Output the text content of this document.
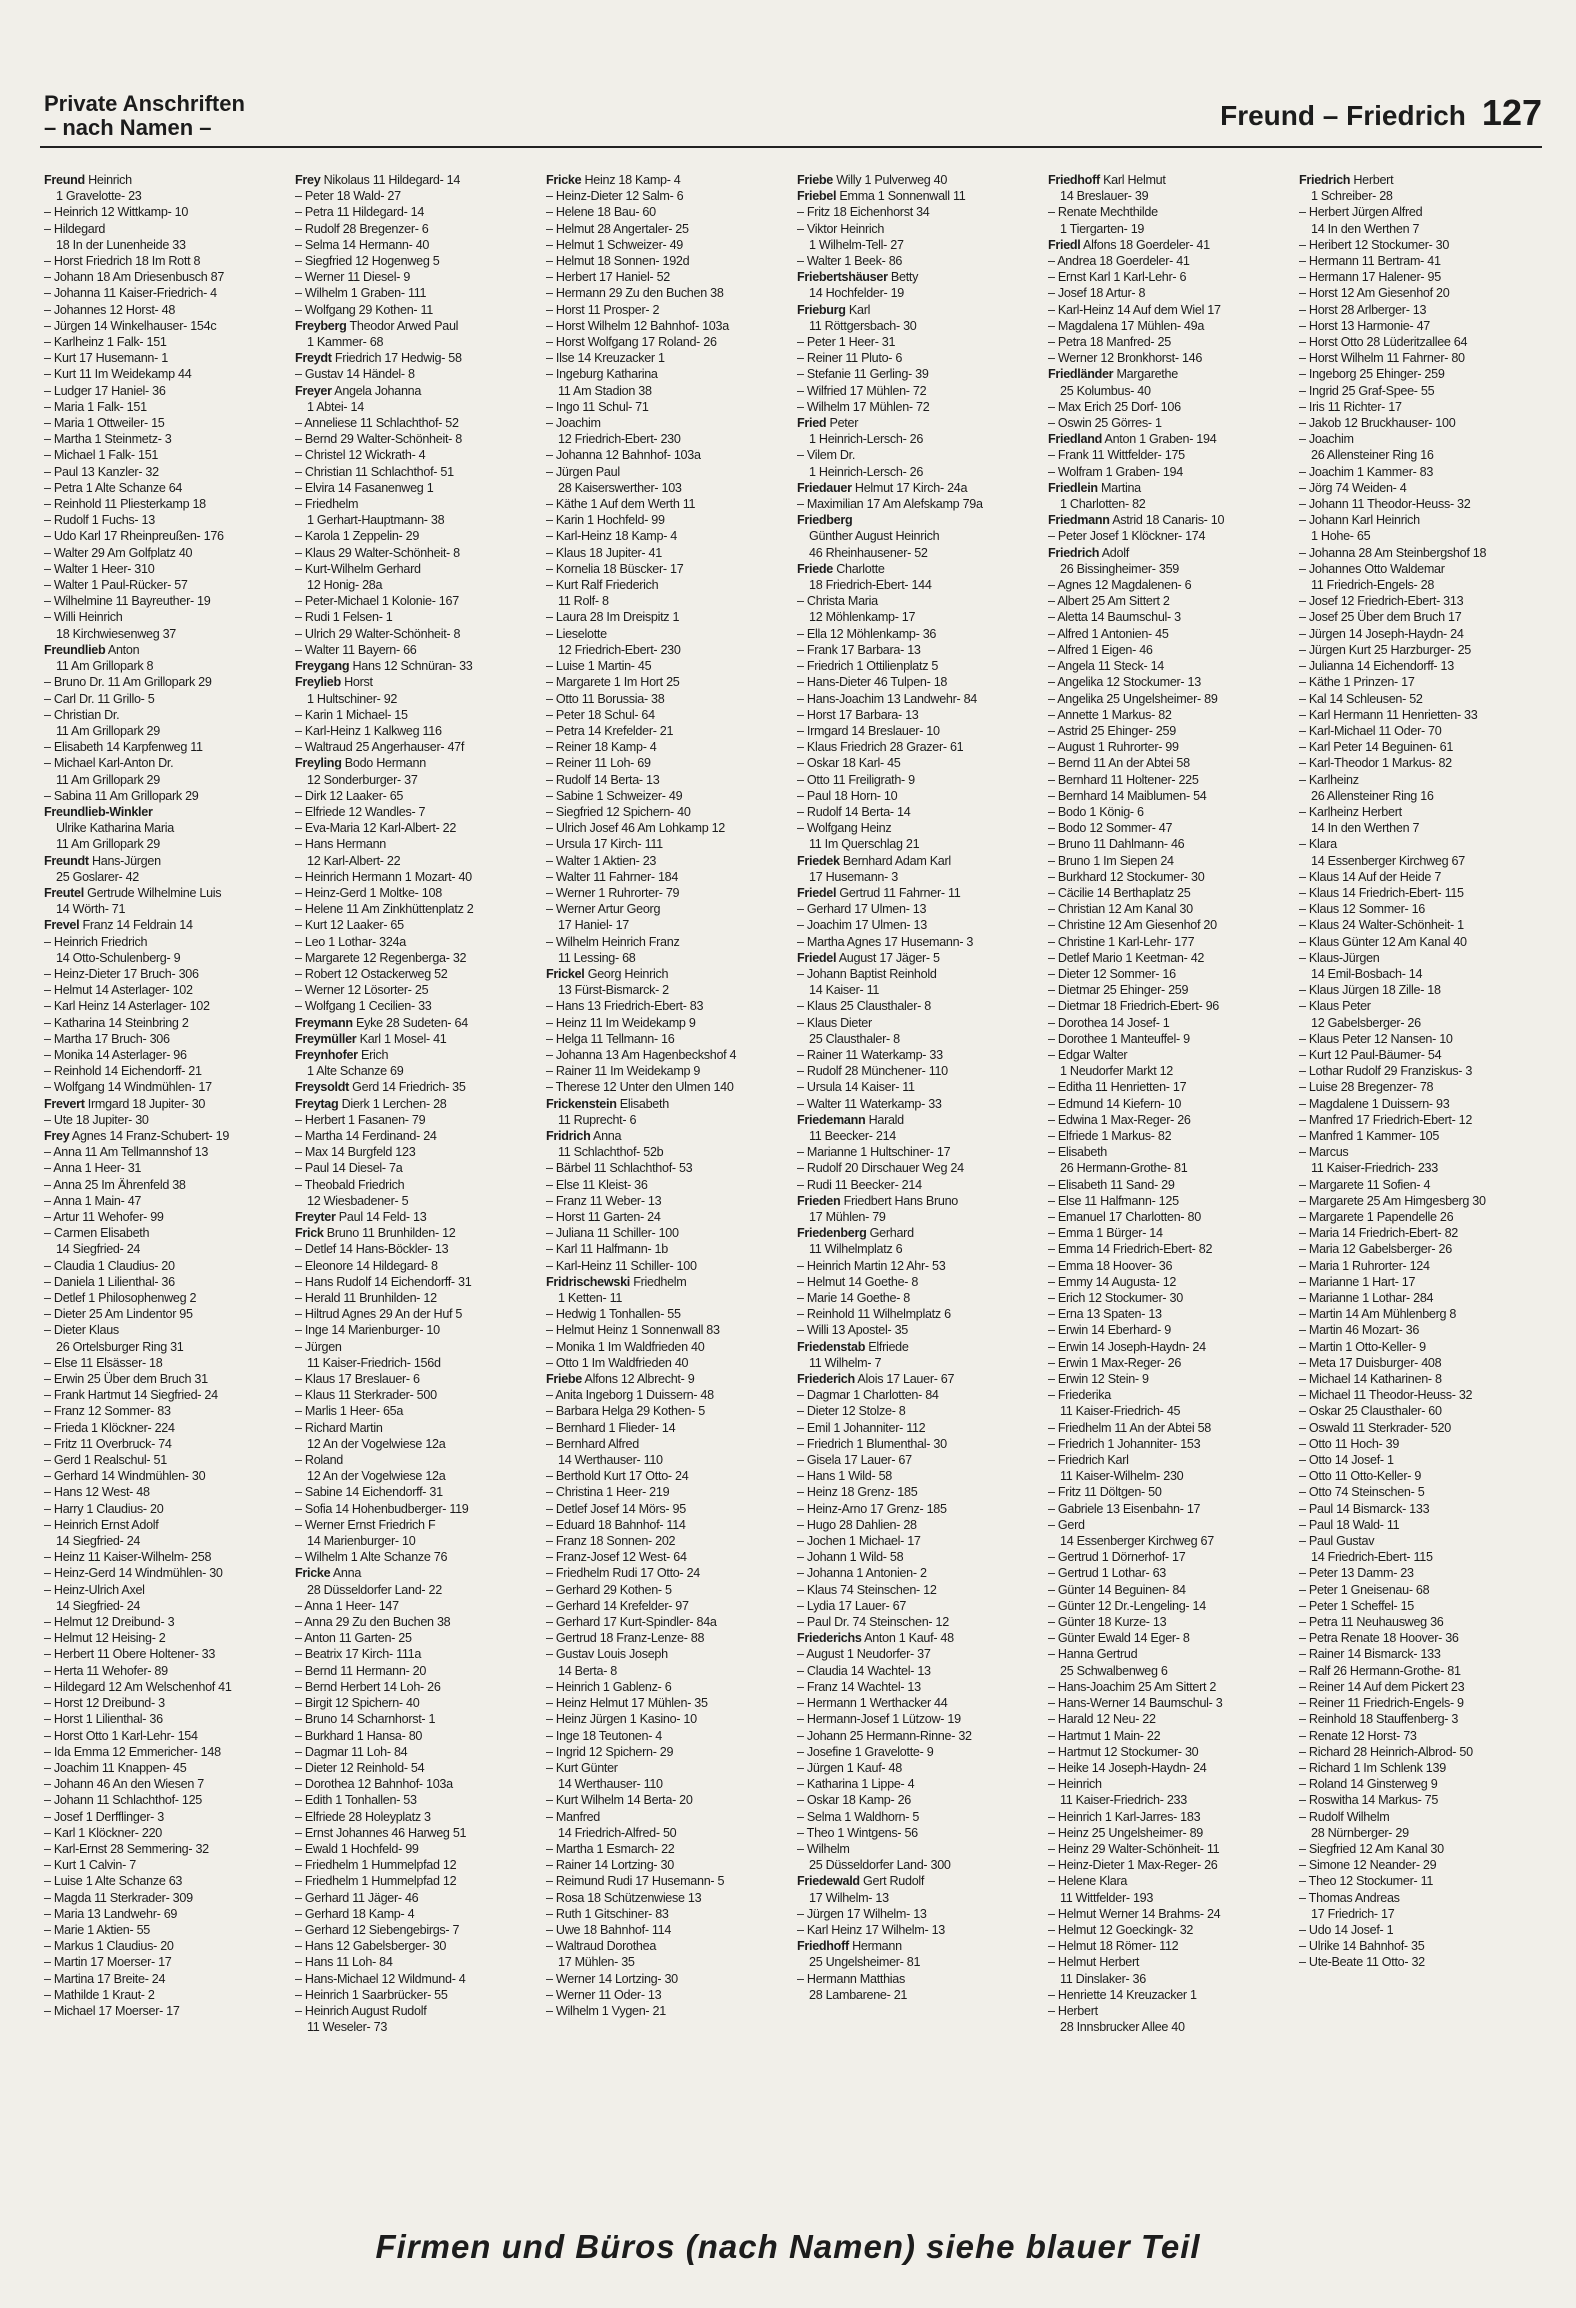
Private Anschriften
– nach Namen –	Freund – Friedrich 127
Freund Heinrich
1 Gravelotte- 23
– Heinrich 12 Wittkamp- 10
– Hildegard
18 In der Lunenheide 33
– Horst Friedrich 18 Im Rott 8
– Johann 18 Am Driesenbusch 87
– Johanna 11 Kaiser-Friedrich- 4
– Johannes 12 Horst- 48
– Jürgen 14 Winkelhauser- 154c
– Karlheinz 1 Falk- 151
– Kurt 17 Husemann- 1
– Kurt 11 Im Weidekamp 44
– Ludger 17 Haniel- 36
– Maria 1 Falk- 151
– Maria 1 Ottweiler- 15
– Martha 1 Steinmetz- 3
– Michael 1 Falk- 151
– Paul 13 Kanzler- 32
– Petra 1 Alte Schanze 64
– Reinhold 11 Pliesterkamp 18
– Rudolf 1 Fuchs- 13
– Udo Karl 17 Rheinpreußen- 176
– Walter 29 Am Golfplatz 40
– Walter 1 Heer- 310
– Walter 1 Paul-Rücker- 57
– Wilhelmine 11 Bayreuther- 19
– Willi Heinrich
18 Kirchwiesenweg 37
Freundlieb Anton
11 Am Grillopark 8
– Bruno Dr. 11 Am Grillopark 29
– Carl Dr. 11 Grillo- 5
– Christian Dr.
11 Am Grillopark 29
– Elisabeth 14 Karpfenweg 11
– Michael Karl-Anton Dr.
11 Am Grillopark 29
– Sabina 11 Am Grillopark 29
Freundlieb-Winkler
Ulrike Katharina Maria
11 Am Grillopark 29
Freundt Hans-Jürgen
25 Goslarer- 42
Freutel Gertrude Wilhelmine Luis
14 Wörth- 71
Frevel Franz 14 Feldrain 14
– Heinrich Friedrich
14 Otto-Schulenberg- 9
– Heinz-Dieter 17 Bruch- 306
– Helmut 14 Asterlager- 102
– Karl Heinz 14 Asterlager- 102
– Katharina 14 Steinbring 2
– Martha 17 Bruch- 306
– Monika 14 Asterlager- 96
– Reinhold 14 Eichendorff- 21
– Wolfgang 14 Windmühlen- 17
Frevert Irmgard 18 Jupiter- 30
– Ute 18 Jupiter- 30
Frey Agnes 14 Franz-Schubert- 19
– Anna 11 Am Tellmannshof 13
– Anna 1 Heer- 31
– Anna 25 Im Ährenfeld 38
– Anna 1 Main- 47
– Artur 11 Wehofer- 99
– Carmen Elisabeth
14 Siegfried- 24
– Claudia 1 Claudius- 20
– Daniela 1 Lilienthal- 36
– Detlef 1 Philosophenweg 2
– Dieter 25 Am Lindentor 95
– Dieter Klaus
26 Ortelsburger Ring 31
– Else 11 Elsässer- 18
– Erwin 25 Über dem Bruch 31
– Frank Hartmut 14 Siegfried- 24
– Franz 12 Sommer- 83
– Frieda 1 Klöckner- 224
– Fritz 11 Overbruck- 74
– Gerd 1 Realschul- 51
– Gerhard 14 Windmühlen- 30
– Hans 12 West- 48
– Harry 1 Claudius- 20
– Heinrich Ernst Adolf
14 Siegfried- 24
– Heinz 11 Kaiser-Wilhelm- 258
– Heinz-Gerd 14 Windmühlen- 30
– Heinz-Ulrich Axel
14 Siegfried- 24
– Helmut 12 Dreibund- 3
– Helmut 12 Heising- 2
– Herbert 11 Obere Holtener- 33
– Herta 11 Wehofer- 89
– Hildegard 12 Am Welschenhof 41
– Horst 12 Dreibund- 3
– Horst 1 Lilienthal- 36
– Horst Otto 1 Karl-Lehr- 154
– Ida Emma 12 Emmericher- 148
– Joachim 11 Knappen- 45
– Johann 46 An den Wiesen 7
– Johann 11 Schlachthof- 125
– Josef 1 Derfflinger- 3
– Karl 1 Klöckner- 220
– Karl-Ernst 28 Semmering- 32
– Kurt 1 Calvin- 7
– Luise 1 Alte Schanze 63
– Magda 11 Sterkrader- 309
– Maria 13 Landwehr- 69
– Marie 1 Aktien- 55
– Markus 1 Claudius- 20
– Martin 17 Moerser- 17
– Martina 17 Breite- 24
– Mathilde 1 Kraut- 2
– Michael 17 Moerser- 17
Frey Nikolaus 11 Hildegard- 14
– Peter 18 Wald- 27
– Petra 11 Hildegard- 14
– Rudolf 28 Bregenzer- 6
– Selma 14 Hermann- 40
– Siegfried 12 Hogenweg 5
– Werner 11 Diesel- 9
– Wilhelm 1 Graben- 111
– Wolfgang 29 Kothen- 11
Freyberg Theodor Arwed Paul
1 Kammer- 68
Freydt Friedrich 17 Hedwig- 58
– Gustav 14 Händel- 8
Freyer Angela Johanna
1 Abtei- 14
– Anneliese 11 Schlachthof- 52
– Bernd 29 Walter-Schönheit- 8
– Christel 12 Wickrath- 4
– Christian 11 Schlachthof- 51
– Elvira 14 Fasanenweg 1
– Friedhelm
1 Gerhart-Hauptmann- 38
– Karola 1 Zeppelin- 29
– Klaus 29 Walter-Schönheit- 8
– Kurt-Wilhelm Gerhard
12 Honig- 28a
– Peter-Michael 1 Kolonie- 167
– Rudi 1 Felsen- 1
– Ulrich 29 Walter-Schönheit- 8
– Walter 11 Bayern- 66
Freygang Hans 12 Schnüran- 33
Freylieb Horst
1 Hultschiner- 92
– Karin 1 Michael- 15
– Karl-Heinz 1 Kalkweg 116
– Waltraud 25 Angerhauser- 47f
Freyling Bodo Hermann
12 Sonderburger- 37
– Dirk 12 Laaker- 65
– Elfriede 12 Wandles- 7
– Eva-Maria 12 Karl-Albert- 22
– Hans Hermann
12 Karl-Albert- 22
– Heinrich Hermann 1 Mozart- 40
– Heinz-Gerd 1 Moltke- 108
– Helene 11 Am Zinkhüttenplatz 2
– Kurt 12 Laaker- 65
– Leo 1 Lothar- 324a
– Margarete 12 Regenberga- 32
– Robert 12 Ostackerweg 52
– Werner 12 Lösorter- 25
– Wolfgang 1 Cecilien- 33
Freymann Eyke 28 Sudeten- 64
Freymüller Karl 1 Mosel- 41
Freynhofer Erich
1 Alte Schanze 69
Freysoldt Gerd 14 Friedrich- 35
Freytag Dierk 1 Lerchen- 28
– Herbert 1 Fasanen- 79
– Martha 14 Ferdinand- 24
– Max 14 Burgfeld 123
– Paul 14 Diesel- 7a
– Theobald Friedrich
12 Wiesbadener- 5
Freyter Paul 14 Feld- 13
Frick Bruno 11 Brunhilden- 12
– Detlef 14 Hans-Böckler- 13
– Eleonore 14 Hildegard- 8
– Hans Rudolf 14 Eichendorff- 31
– Herald 11 Brunhilden- 12
– Hiltrud Agnes 29 An der Huf 5
– Inge 14 Marienburger- 10
– Jürgen
11 Kaiser-Friedrich- 156d
– Klaus 17 Breslauer- 6
– Klaus 11 Sterkrader- 500
– Marlis 1 Heer- 65a
– Richard Martin
12 An der Vogelwiese 12a
– Roland
12 An der Vogelwiese 12a
– Sabine 14 Eichendorff- 31
– Sofia 14 Hohenbudberger- 119
– Werner Ernst Friedrich F
14 Marienburger- 10
– Wilhelm 1 Alte Schanze 76
Fricke Anna
28 Düsseldorfer Land- 22
– Anna 1 Heer- 147
– Anna 29 Zu den Buchen 38
– Anton 11 Garten- 25
– Beatrix 17 Kirch- 111a
– Bernd 11 Hermann- 20
– Bernd Herbert 14 Loh- 26
– Birgit 12 Spichern- 40
– Bruno 14 Scharnhorst- 1
– Burkhard 1 Hansa- 80
– Dagmar 11 Loh- 84
– Dieter 12 Reinhold- 54
– Dorothea 12 Bahnhof- 103a
– Edith 1 Tonhallen- 53
– Elfriede 28 Holeyplatz 3
– Ernst Johannes 46 Harweg 51
– Ewald 1 Hochfeld- 99
– Friedhelm 1 Hummelpfad 12
– Friedhelm 1 Hummelpfad 12
– Gerhard 11 Jäger- 46
– Gerhard 18 Kamp- 4
– Gerhard 12 Siebengebirgs- 7
– Hans 12 Gabelsberger- 30
– Hans 11 Loh- 84
– Hans-Michael 12 Wildmund- 4
– Heinrich 1 Saarbrücker- 55
– Heinrich August Rudolf
11 Weseler- 73
Fricke Heinz 18 Kamp- 4
– Heinz-Dieter 12 Salm- 6
– Helene 18 Bau- 60
– Helmut 28 Angertaler- 25
– Helmut 1 Schweizer- 49
– Helmut 18 Sonnen- 192d
– Herbert 17 Haniel- 52
– Hermann 29 Zu den Buchen 38
– Horst 11 Prosper- 2
– Horst Wilhelm 12 Bahnhof- 103a
– Horst Wolfgang 17 Roland- 26
– Ilse 14 Kreuzacker 1
– Ingeburg Katharina
11 Am Stadion 38
– Ingo 11 Schul- 71
– Joachim
12 Friedrich-Ebert- 230
– Johanna 12 Bahnhof- 103a
– Jürgen Paul
28 Kaiserswerther- 103
– Käthe 1 Auf dem Werth 11
– Karin 1 Hochfeld- 99
– Karl-Heinz 18 Kamp- 4
– Klaus 18 Jupiter- 41
– Kornelia 18 Büscker- 17
– Kurt Ralf Friederich
11 Rolf- 8
– Laura 28 Im Dreispitz 1
– Lieselotte
12 Friedrich-Ebert- 230
– Luise 1 Martin- 45
– Margarete 1 Im Hort 25
– Otto 11 Borussia- 38
– Peter 18 Schul- 64
– Petra 14 Krefelder- 21
– Reiner 18 Kamp- 4
– Reiner 11 Loh- 69
– Rudolf 14 Berta- 13
– Sabine 1 Schweizer- 49
– Siegfried 12 Spichern- 40
– Ulrich Josef 46 Am Lohkamp 12
– Ursula 17 Kirch- 111
– Walter 1 Aktien- 23
– Walter 11 Fahrner- 184
– Werner 1 Ruhrorter- 79
– Werner Artur Georg
17 Haniel- 17
– Wilhelm Heinrich Franz
11 Lessing- 68
Frickel Georg Heinrich
13 Fürst-Bismarck- 2
– Hans 13 Friedrich-Ebert- 83
– Heinz 11 Im Weidekamp 9
– Helga 11 Tellmann- 16
– Johanna 13 Am Hagenbeckshof 4
– Rainer 11 Im Weidekamp 9
– Therese 12 Unter den Ulmen 140
Frickenstein Elisabeth
11 Ruprecht- 6
Fridrich Anna
11 Schlachthof- 52b
– Bärbel 11 Schlachthof- 53
– Else 11 Kleist- 36
– Franz 11 Weber- 13
– Horst 11 Garten- 24
– Juliana 11 Schiller- 100
– Karl 11 Halfmann- 1b
– Karl-Heinz 11 Schiller- 100
Fridrischewski Friedhelm
1 Ketten- 11
– Hedwig 1 Tonhallen- 55
– Helmut Heinz 1 Sonnenwall 83
– Monika 1 Im Waldfrieden 40
– Otto 1 Im Waldfrieden 40
Friebe Alfons 12 Albrecht- 9
– Anita Ingeborg 1 Duissern- 48
– Barbara Helga 29 Kothen- 5
– Bernhard 1 Flieder- 14
– Bernhard Alfred
14 Werthauser- 110
– Berthold Kurt 17 Otto- 24
– Christina 1 Heer- 219
– Detlef Josef 14 Mörs- 95
– Eduard 18 Bahnhof- 114
– Franz 18 Sonnen- 202
– Franz-Josef 12 West- 64
– Friedhelm Rudi 17 Otto- 24
– Gerhard 29 Kothen- 5
– Gerhard 14 Krefelder- 97
– Gerhard 17 Kurt-Spindler- 84a
– Gertrud 18 Franz-Lenze- 88
– Gustav Louis Joseph
14 Berta- 8
– Heinrich 1 Gablenz- 6
– Heinz Helmut 17 Mühlen- 35
– Heinz Jürgen 1 Kasino- 10
– Inge 18 Teutonen- 4
– Ingrid 12 Spichern- 29
– Kurt Günter
14 Werthauser- 110
– Kurt Wilhelm 14 Berta- 20
– Manfred
14 Friedrich-Alfred- 50
– Martha 1 Esmarch- 22
– Rainer 14 Lortzing- 30
– Reimund Rudi 17 Husemann- 5
– Rosa 18 Schützenwiese 13
– Ruth 1 Gitschiner- 83
– Uwe 18 Bahnhof- 114
– Waltraud Dorothea
17 Mühlen- 35
– Werner 14 Lortzing- 30
– Werner 11 Oder- 13
– Wilhelm 1 Vygen- 21
Friebe Willy 1 Pulverweg 40
Friebel Emma 1 Sonnenwall 11
– Fritz 18 Eichenhorst 34
– Viktor Heinrich
1 Wilhelm-Tell- 27
– Walter 1 Beek- 86
Friebertshäuser Betty
14 Hochfelder- 19
Frieburg Karl
11 Röttgersbach- 30
– Peter 1 Heer- 31
– Reiner 11 Pluto- 6
– Stefanie 11 Gerling- 39
– Wilfried 17 Mühlen- 72
– Wilhelm 17 Mühlen- 72
Fried Peter
1 Heinrich-Lersch- 26
– Vilem Dr.
1 Heinrich-Lersch- 26
Friedauer Helmut 17 Kirch- 24a
– Maximilian 17 Am Alefskamp 79a
Friedberg
Günther August Heinrich
46 Rheinhausener- 52
Friede Charlotte
18 Friedrich-Ebert- 144
– Christa Maria
12 Möhlenkamp- 17
– Ella 12 Möhlenkamp- 36
– Frank 17 Barbara- 13
– Friedrich 1 Ottilienplatz 5
– Hans-Dieter 46 Tulpen- 18
– Hans-Joachim 13 Landwehr- 84
– Horst 17 Barbara- 13
– Irmgard 14 Breslauer- 10
– Klaus Friedrich 28 Grazer- 61
– Oskar 18 Karl- 45
– Otto 11 Freiligrath- 9
– Paul 18 Horn- 10
– Rudolf 14 Berta- 14
– Wolfgang Heinz
11 Im Querschlag 21
Friedek Bernhard Adam Karl
17 Husemann- 3
Friedel Gertrud 11 Fahrner- 11
– Gerhard 17 Ulmen- 13
– Joachim 17 Ulmen- 13
– Martha Agnes 17 Husemann- 3
Friedel August 17 Jäger- 5
– Johann Baptist Reinhold
14 Kaiser- 11
– Klaus 25 Clausthaler- 8
– Klaus Dieter
25 Clausthaler- 8
– Rainer 11 Waterkamp- 33
– Rudolf 28 Münchener- 110
– Ursula 14 Kaiser- 11
– Walter 11 Waterkamp- 33
Friedemann Harald
11 Beecker- 214
– Marianne 1 Hultschiner- 17
– Rudolf 20 Dirschauer Weg 24
– Rudi 11 Beecker- 214
Frieden Friedbert Hans Bruno
17 Mühlen- 79
Friedenberg Gerhard
11 Wilhelmplatz 6
– Heinrich Martin 12 Ahr- 53
– Helmut 14 Goethe- 8
– Marie 14 Goethe- 8
– Reinhold 11 Wilhelmplatz 6
– Willi 13 Apostel- 35
Friedenstab Elfriede
11 Wilhelm- 7
Friederich Alois 17 Lauer- 67
– Dagmar 1 Charlotten- 84
– Dieter 12 Stolze- 8
– Emil 1 Johanniter- 112
– Friedrich 1 Blumenthal- 30
– Gisela 17 Lauer- 67
– Hans 1 Wild- 58
– Heinz 18 Grenz- 185
– Heinz-Arno 17 Grenz- 185
– Hugo 28 Dahlien- 28
– Jochen 1 Michael- 17
– Johann 1 Wild- 58
– Johanna 1 Antonien- 2
– Klaus 74 Steinschen- 12
– Lydia 17 Lauer- 67
– Paul Dr. 74 Steinschen- 12
Friederichs Anton 1 Kauf- 48
– August 1 Neudorfer- 37
– Claudia 14 Wachtel- 13
– Franz 14 Wachtel- 13
– Hermann 1 Werthacker 44
– Hermann-Josef 1 Lützow- 19
– Johann 25 Hermann-Rinne- 32
– Josefine 1 Gravelotte- 9
– Jürgen 1 Kauf- 48
– Katharina 1 Lippe- 4
– Oskar 18 Kamp- 26
– Selma 1 Waldhorn- 5
– Theo 1 Wintgens- 56
– Wilhelm
25 Düsseldorfer Land- 300
Friedewald Gert Rudolf
17 Wilhelm- 13
– Jürgen 17 Wilhelm- 13
– Karl Heinz 17 Wilhelm- 13
Friedhoff Hermann
25 Ungelsheimer- 81
– Hermann Matthias
28 Lambarene- 21
Friedhoff Karl Helmut
14 Breslauer- 39
– Renate Mechthilde
1 Tiergarten- 19
Friedl Alfons 18 Goerdeler- 41
– Andrea 18 Goerdeler- 41
– Ernst Karl 1 Karl-Lehr- 6
– Josef 18 Artur- 8
– Karl-Heinz 14 Auf dem Wiel 17
– Magdalena 17 Mühlen- 49a
– Petra 18 Manfred- 25
– Werner 12 Bronkhorst- 146
Friedländer Margarethe
25 Kolumbus- 40
– Max Erich 25 Dorf- 106
– Oswin 25 Görres- 1
Friedland Anton 1 Graben- 194
– Frank 11 Wittfelder- 175
– Wolfram 1 Graben- 194
Friedlein Martina
1 Charlotten- 82
Friedmann Astrid 18 Canaris- 10
– Peter Josef 1 Klöckner- 174
Friedrich Adolf
26 Bissingheimer- 359
– Agnes 12 Magdalenen- 6
– Albert 25 Am Sittert 2
– Aletta 14 Baumschul- 3
– Alfred 1 Antonien- 45
– Alfred 1 Eigen- 46
– Angela 11 Steck- 14
– Angelika 12 Stockumer- 13
– Angelika 25 Ungelsheimer- 89
– Annette 1 Markus- 82
– Astrid 25 Ehinger- 259
– August 1 Ruhrorter- 99
– Bernd 11 An der Abtei 58
– Bernhard 11 Holtener- 225
– Bernhard 14 Maiblumen- 54
– Bodo 1 König- 6
– Bodo 12 Sommer- 47
– Bruno 11 Dahlmann- 46
– Bruno 1 Im Siepen 24
– Burkhard 12 Stockumer- 30
– Cäcilie 14 Berthaplatz 25
– Christian 12 Am Kanal 30
– Christine 12 Am Giesenhof 20
– Christine 1 Karl-Lehr- 177
– Detlef Mario 1 Keetman- 42
– Dieter 12 Sommer- 16
– Dietmar 25 Ehinger- 259
– Dietmar 18 Friedrich-Ebert- 96
– Dorothea 14 Josef- 1
– Dorothee 1 Manteuffel- 9
– Edgar Walter
1 Neudorfer Markt 12
– Editha 11 Henrietten- 17
– Edmund 14 Kiefern- 10
– Edwina 1 Max-Reger- 26
– Elfriede 1 Markus- 82
– Elisabeth
26 Hermann-Grothe- 81
– Elisabeth 11 Sand- 29
– Else 11 Halfmann- 125
– Emanuel 17 Charlotten- 80
– Emma 1 Bürger- 14
– Emma 14 Friedrich-Ebert- 82
– Emma 18 Hoover- 36
– Emmy 14 Augusta- 12
– Erich 12 Stockumer- 30
– Erna 13 Spaten- 13
– Erwin 14 Eberhard- 9
– Erwin 14 Joseph-Haydn- 24
– Erwin 1 Max-Reger- 26
– Erwin 12 Stein- 9
– Friederika
11 Kaiser-Friedrich- 45
– Friedhelm 11 An der Abtei 58
– Friedrich 1 Johanniter- 153
– Friedrich Karl
11 Kaiser-Wilhelm- 230
– Fritz 11 Döltgen- 50
– Gabriele 13 Eisenbahn- 17
– Gerd
14 Essenberger Kirchweg 67
– Gertrud 1 Dörnerhof- 17
– Gertrud 1 Lothar- 63
– Günter 14 Beguinen- 84
– Günter 12 Dr.-Lengeling- 14
– Günter 18 Kurze- 13
– Günter Ewald 14 Eger- 8
– Hanna Gertrud
25 Schwalbenweg 6
– Hans-Joachim 25 Am Sittert 2
– Hans-Werner 14 Baumschul- 3
– Harald 12 Neu- 22
– Hartmut 1 Main- 22
– Hartmut 12 Stockumer- 30
– Heike 14 Joseph-Haydn- 24
– Heinrich
11 Kaiser-Friedrich- 233
– Heinrich 1 Karl-Jarres- 183
– Heinz 25 Ungelsheimer- 89
– Heinz 29 Walter-Schönheit- 11
– Heinz-Dieter 1 Max-Reger- 26
– Helene Klara
11 Wittfelder- 193
– Helmut Werner 14 Brahms- 24
– Helmut 12 Goeckingk- 32
– Helmut 18 Römer- 112
– Helmut Herbert
11 Dinslaker- 36
– Henriette 14 Kreuzacker 1
– Herbert
28 Innsbrucker Allee 40
Friedrich Herbert
1 Schreiber- 28
– Herbert Jürgen Alfred
14 In den Werthen 7
– Heribert 12 Stockumer- 30
– Hermann 11 Bertram- 41
– Hermann 17 Halener- 95
– Horst 12 Am Giesenhof 20
– Horst 28 Arlberger- 13
– Horst 13 Harmonie- 47
– Horst Otto 28 Lüderitzallee 64
– Horst Wilhelm 11 Fahrner- 80
– Ingeborg 25 Ehinger- 259
– Ingrid 25 Graf-Spee- 55
– Iris 11 Richter- 17
– Jakob 12 Bruckhauser- 100
– Joachim
26 Allensteiner Ring 16
– Joachim 1 Kammer- 83
– Jörg 74 Weiden- 4
– Johann 11 Theodor-Heuss- 32
– Johann Karl Heinrich
1 Hohe- 65
– Johanna 28 Am Steinbergshof 18
– Johannes Otto Waldemar
11 Friedrich-Engels- 28
– Josef 12 Friedrich-Ebert- 313
– Josef 25 Über dem Bruch 17
– Jürgen 14 Joseph-Haydn- 24
– Jürgen Kurt 25 Harzburger- 25
– Julianna 14 Eichendorff- 13
– Käthe 1 Prinzen- 17
– Kal 14 Schleusen- 52
– Karl Hermann 11 Henrietten- 33
– Karl-Michael 11 Oder- 70
– Karl Peter 14 Beguinen- 61
– Karl-Theodor 1 Markus- 82
– Karlheinz
26 Allensteiner Ring 16
– Karlheinz Herbert
14 In den Werthen 7
– Klara
14 Essenberger Kirchweg 67
– Klaus 14 Auf der Heide 7
– Klaus 14 Friedrich-Ebert- 115
– Klaus 12 Sommer- 16
– Klaus 24 Walter-Schönheit- 1
– Klaus Günter 12 Am Kanal 40
– Klaus-Jürgen
14 Emil-Bosbach- 14
– Klaus Jürgen 18 Zille- 18
– Klaus Peter
12 Gabelsberger- 26
– Klaus Peter 12 Nansen- 10
– Kurt 12 Paul-Bäumer- 54
– Lothar Rudolf 29 Franziskus- 3
– Luise 28 Bregenzer- 78
– Magdalene 1 Duissern- 93
– Manfred 17 Friedrich-Ebert- 12
– Manfred 1 Kammer- 105
– Marcus
11 Kaiser-Friedrich- 233
– Margarete 11 Sofien- 4
– Margarete 25 Am Himgesberg 30
– Margarete 1 Papendelle 26
– Maria 14 Friedrich-Ebert- 82
– Maria 12 Gabelsberger- 26
– Maria 1 Ruhrorter- 124
– Marianne 1 Hart- 17
– Marianne 1 Lothar- 284
– Martin 14 Am Mühlenberg 8
– Martin 46 Mozart- 36
– Martin 1 Otto-Keller- 9
– Meta 17 Duisburger- 408
– Michael 14 Katharinen- 8
– Michael 11 Theodor-Heuss- 32
– Oskar 25 Clausthaler- 60
– Oswald 11 Sterkrader- 520
– Otto 11 Hoch- 39
– Otto 14 Josef- 1
– Otto 11 Otto-Keller- 9
– Otto 74 Steinschen- 5
– Paul 14 Bismarck- 133
– Paul 18 Wald- 11
– Paul Gustav
14 Friedrich-Ebert- 115
– Peter 13 Damm- 23
– Peter 1 Gneisenau- 68
– Peter 1 Scheffel- 15
– Petra 11 Neuhausweg 36
– Petra Renate 18 Hoover- 36
– Rainer 14 Bismarck- 133
– Ralf 26 Hermann-Grothe- 81
– Reiner 14 Auf dem Pickert 23
– Reiner 11 Friedrich-Engels- 9
– Reinhold 18 Stauffenberg- 3
– Renate 12 Horst- 73
– Richard 28 Heinrich-Albrod- 50
– Richard 1 Im Schlenk 139
– Roland 14 Ginsterweg 9
– Roswitha 14 Markus- 75
– Rudolf Wilhelm
28 Nürnberger- 29
– Siegfried 12 Am Kanal 30
– Simone 12 Neander- 29
– Theo 12 Stockumer- 11
– Thomas Andreas
17 Friedrich- 17
– Udo 14 Josef- 1
– Ulrike 14 Bahnhof- 35
– Ute-Beate 11 Otto- 32
Firmen und Büros (nach Namen) siehe blauer Teil
